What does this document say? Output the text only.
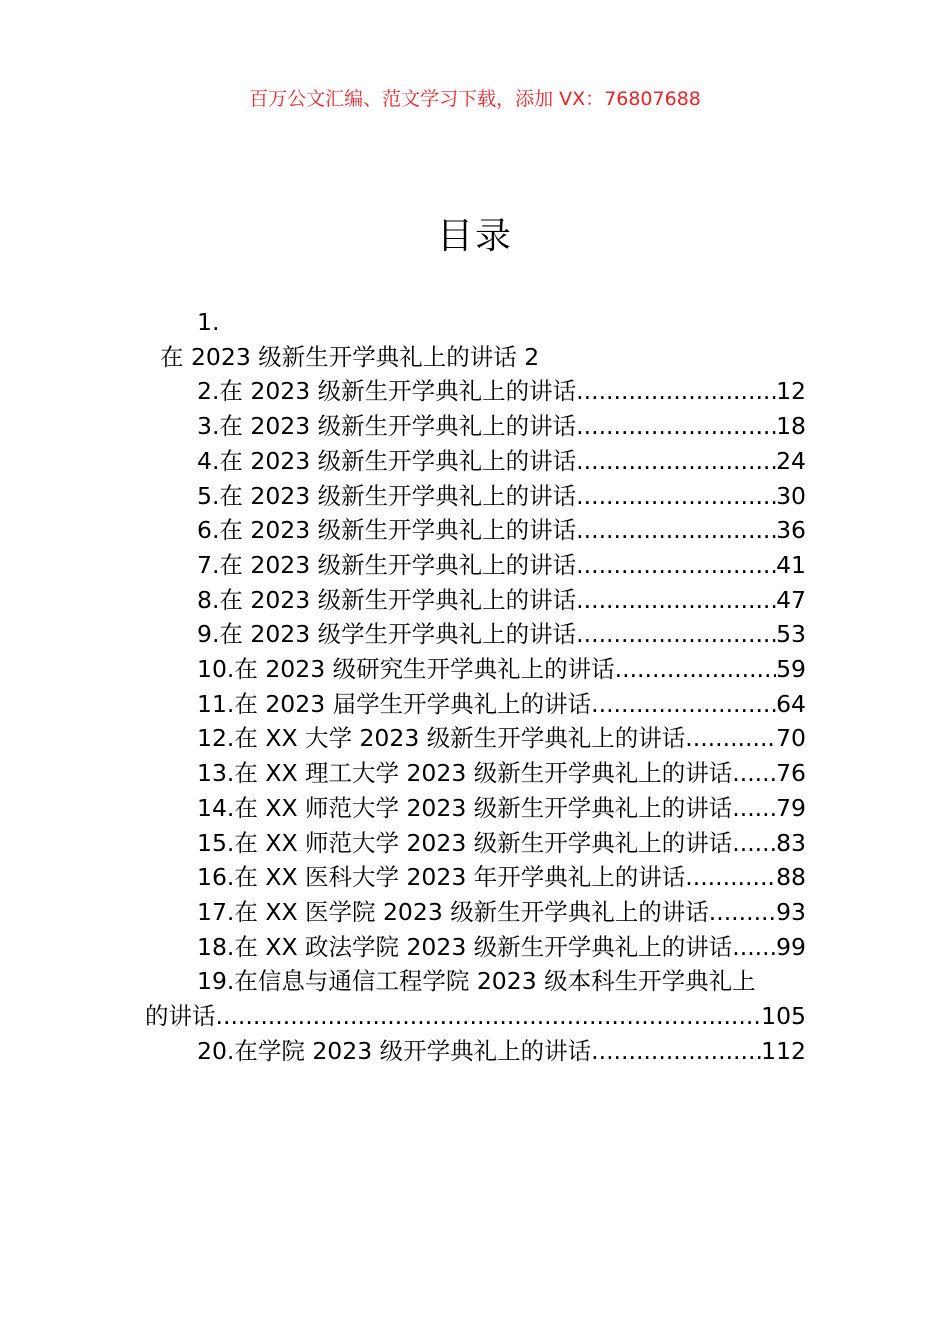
百万公文汇编、范文学习下载，添加 VX：76807688
目录
1.
在 2023 级新生开学典礼上的讲话 2
2.在 2023 级新生开学典礼上的讲话 .....	12
3.在 2023 级新生开学典礼上的讲话 .....	18
4.在 2023 级新生开学典礼上的讲话 .....	24
5.在 2023 级新生开学典礼上的讲话 .....	30
6.在 2023 级新生开学典礼上的讲话 .....	36
7.在 2023 级新生开学典礼上的讲话 .....	41
8.在 2023 级新生开学典礼上的讲话 .....	47
9.在 2023 级学生开学典礼上的讲话 .....	53
10.在 2023 级研究生开学典礼上的讲话 .....	59
11.在 2023 届学生开学典礼上的讲话 .....	64
12.在 XX 大学 2023 级新生开学典礼上的讲话 .....	70
13.在 XX 理工大学 2023 级新生开学典礼上的讲话 ..... 76
14.在 XX 师范大学 2023 级新生开学典礼上的讲话 ..... 79
15.在 XX 师范大学 2023 级新生开学典礼上的讲话 ..... 83
16.在 XX 医科大学 2023 年开学典礼上的讲话 .....	88
17.在 XX 医学院 2023 级新生开学典礼上的讲话 .....	93
18.在 XX 政法学院 2023 级新生开学典礼上的讲话 ..... 99
19.在信息与通信工程学院 2023 级本科生开学典礼上
的讲话 .....	105
20.在学院 2023 级开学典礼上的讲话 .....	112
